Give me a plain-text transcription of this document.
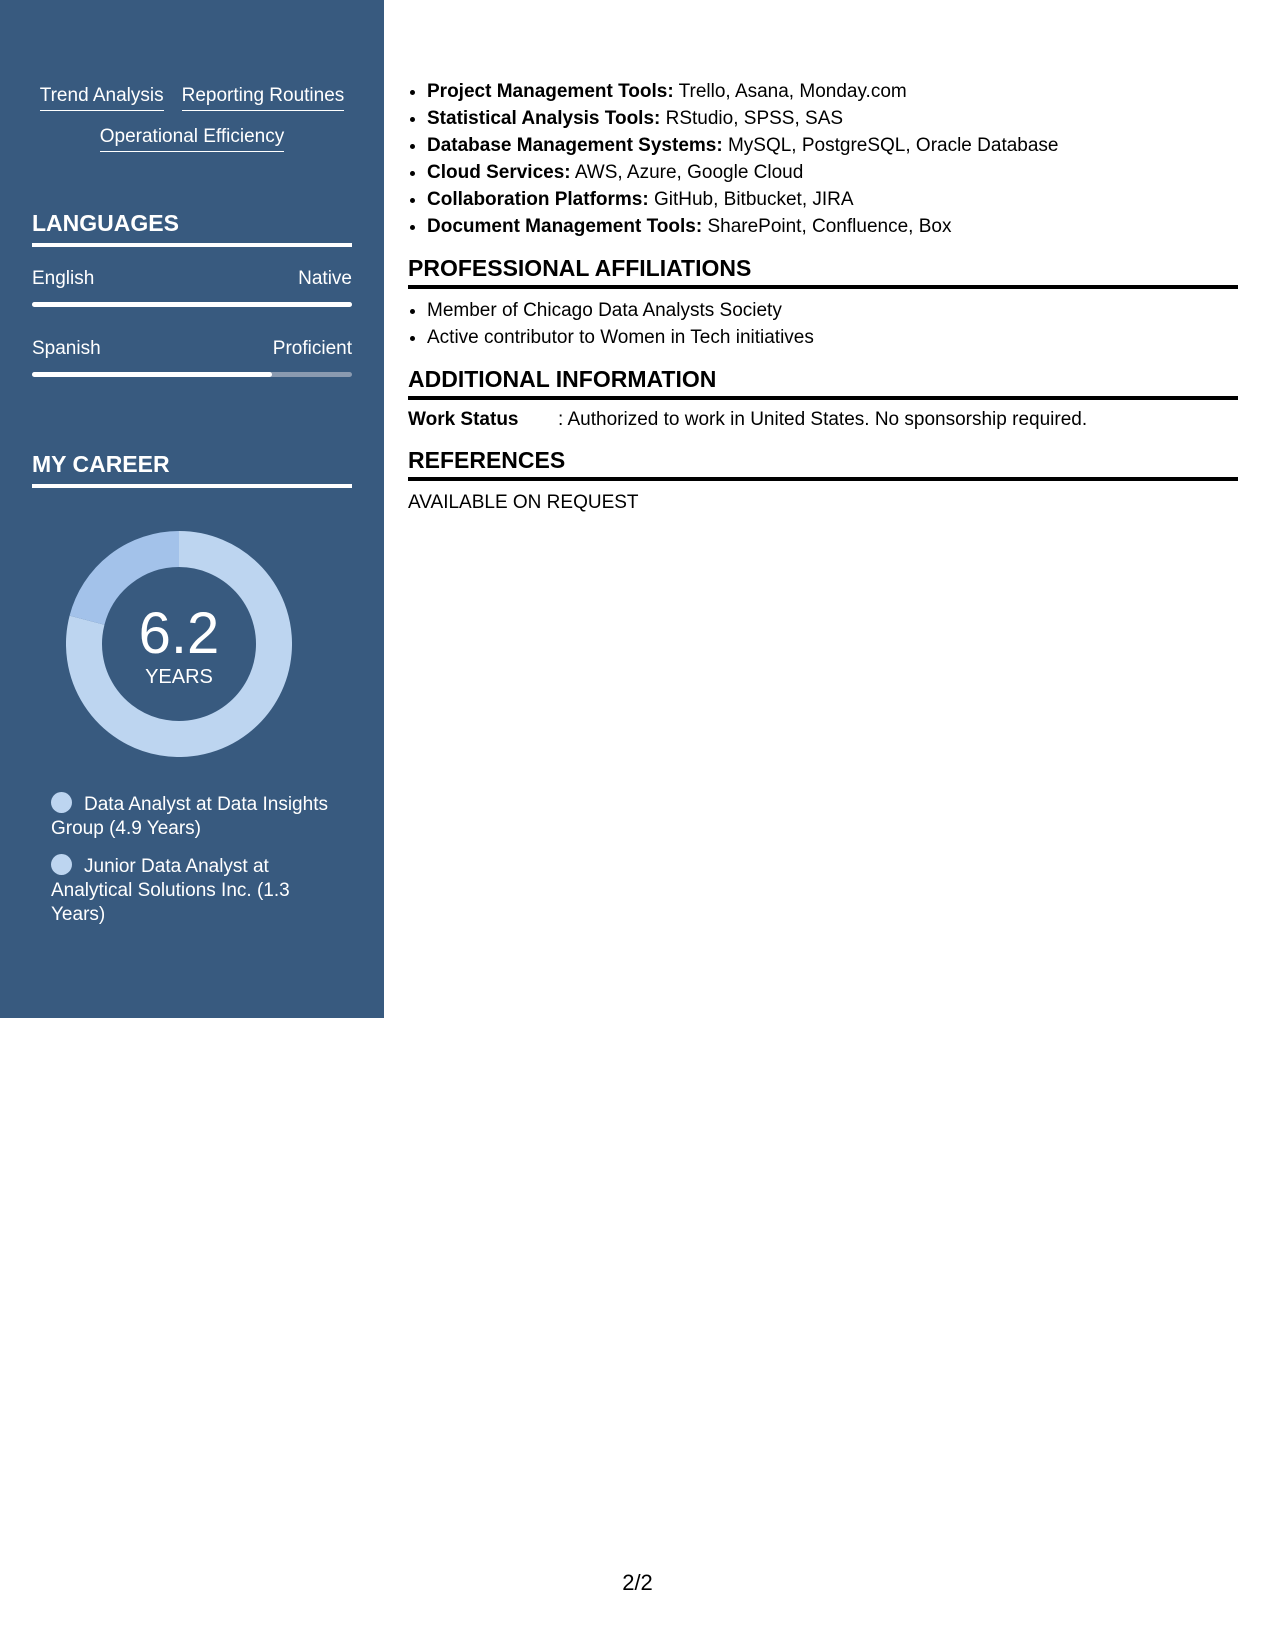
Trend Analysis Reporting Routines
Operational Efficiency
LANGUAGES
English	Native
Spanish	Proficient
MY CAREER
6.2
YEARS
Data Analyst at Data Insights Group (4.9 Years)
Junior Data Analyst at Analytical Solutions Inc. (1.3 Years)
• Project Management Tools: Trello, Asana, Monday.com
• Statistical Analysis Tools: RStudio, SPSS, SAS
• Database Management Systems: MySQL, PostgreSQL, Oracle Database
• Cloud Services: AWS, Azure, Google Cloud
• Collaboration Platforms: GitHub, Bitbucket, JIRA
• Document Management Tools: SharePoint, Confluence, Box
PROFESSIONAL AFFILIATIONS
• Member of Chicago Data Analysts Society
• Active contributor to Women in Tech initiatives
ADDITIONAL INFORMATION
Work Status	: Authorized to work in United States. No sponsorship required.
REFERENCES
AVAILABLE ON REQUEST
2/2
